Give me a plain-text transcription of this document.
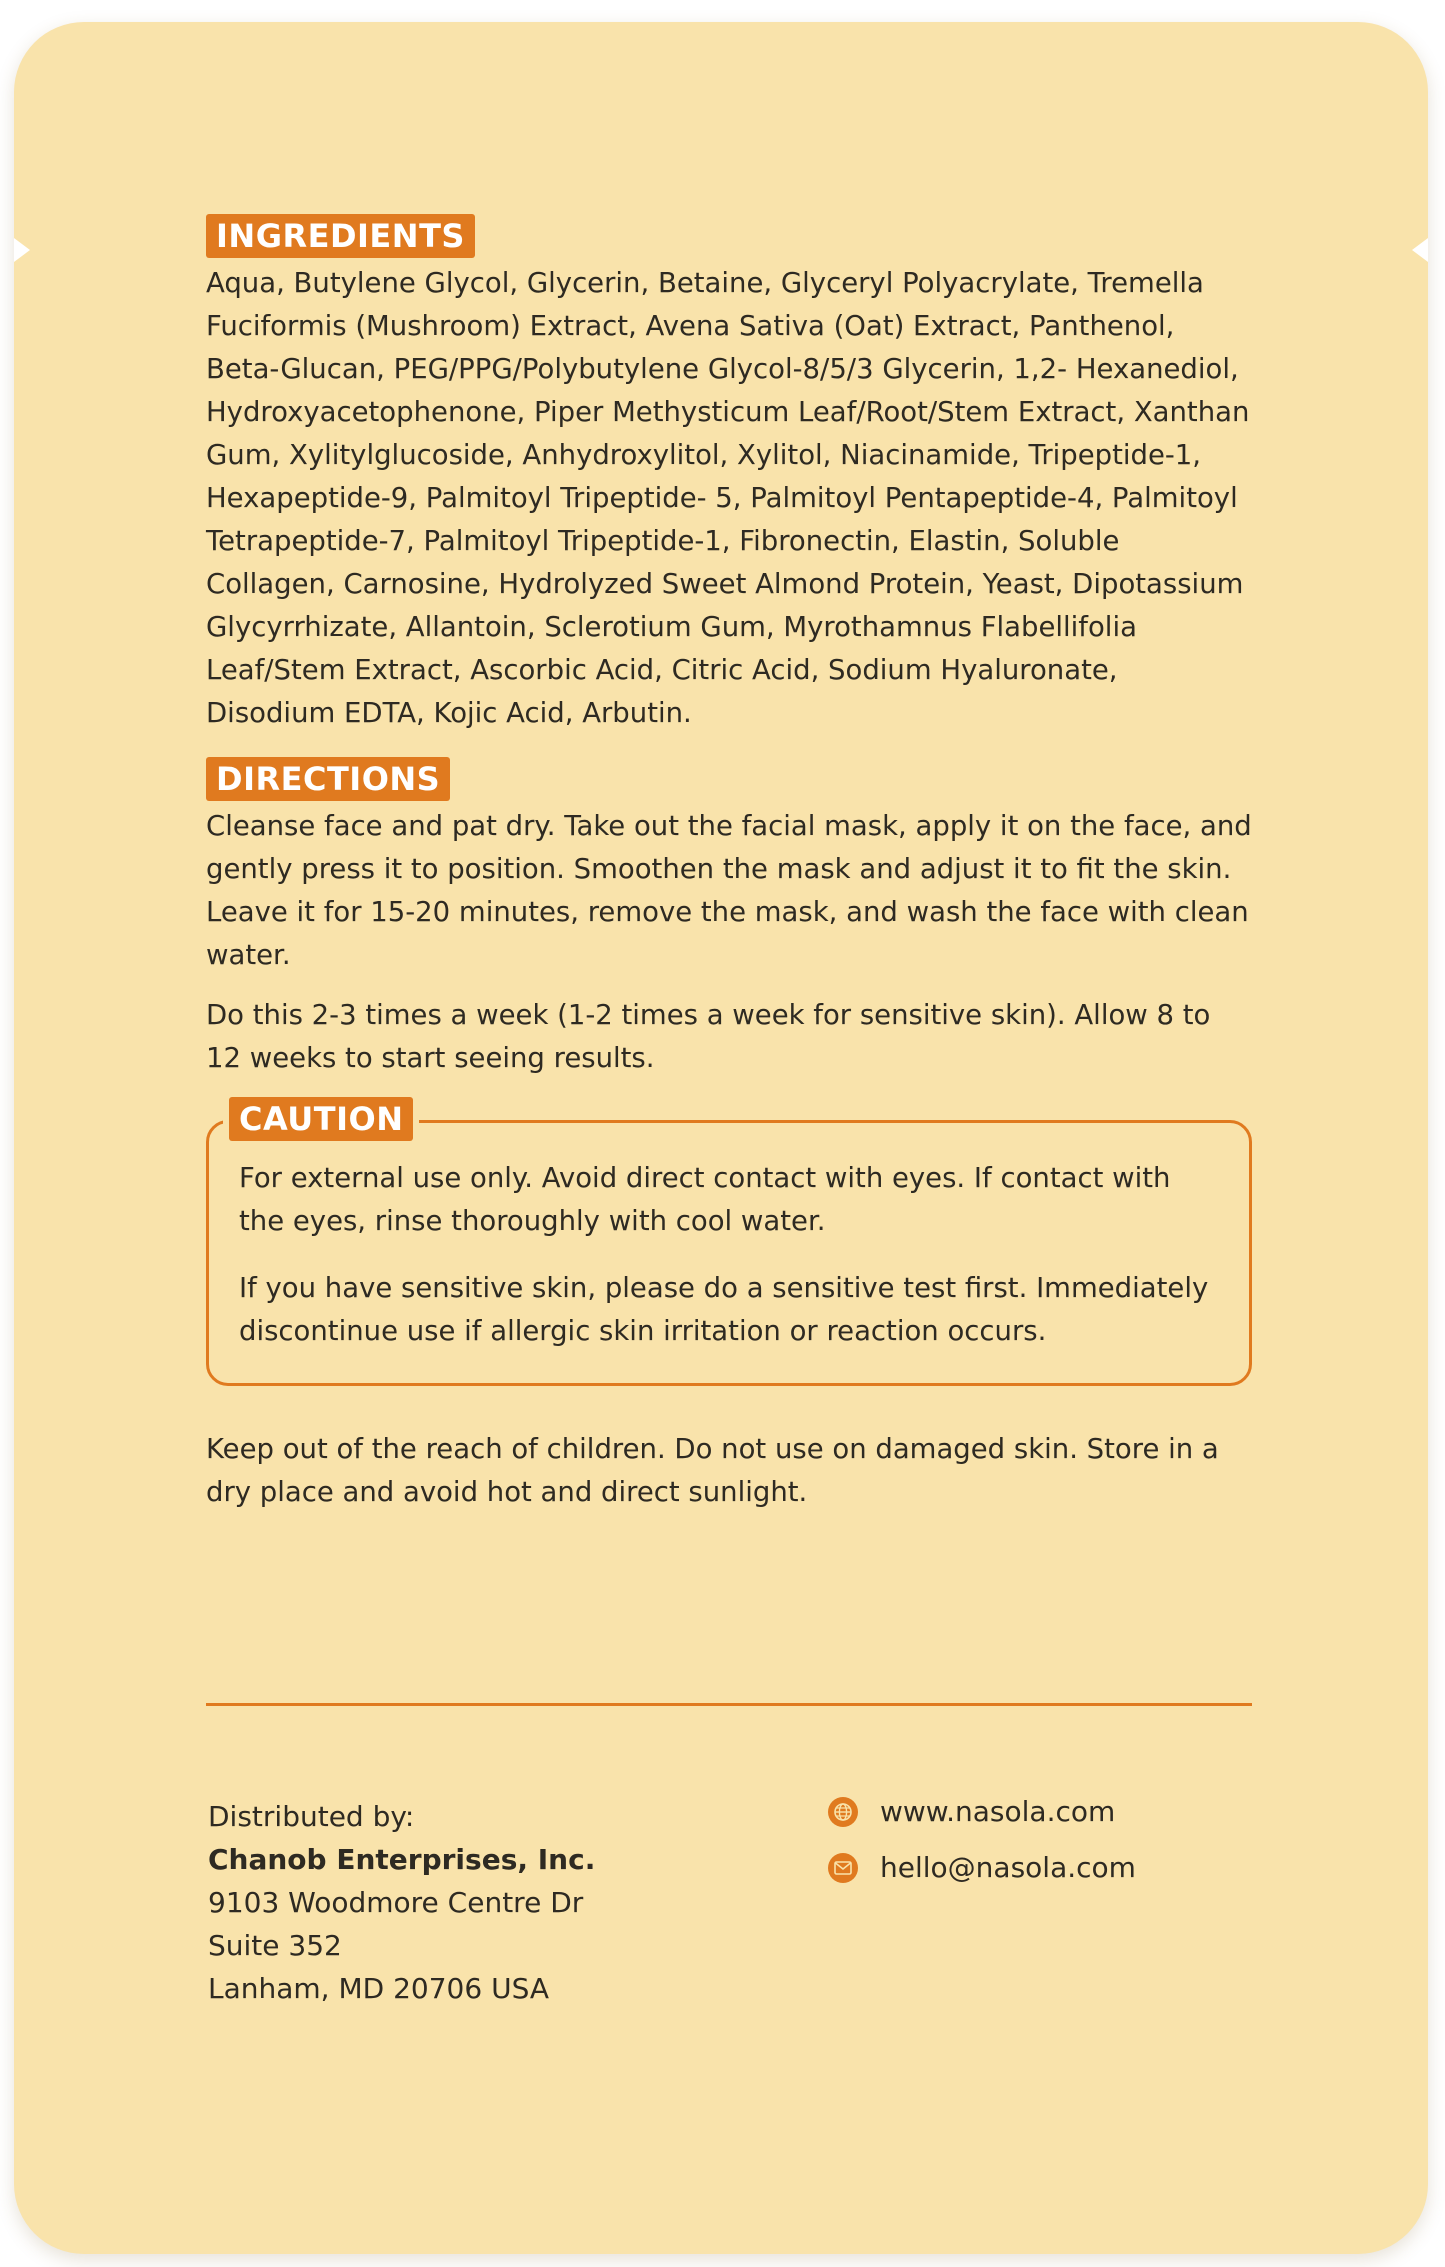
INGREDIENTS

Aqua, Butylene Glycol, Glycerin, Betaine, Glyceryl Polyacrylate, Tremella Fuciformis (Mushroom) Extract, Avena Sativa (Oat) Extract, Panthenol, Beta-Glucan, PEG/PPG/Polybutylene Glycol-8/5/3 Glycerin, 1,2- Hexanediol, Hydroxyacetophenone, Piper Methysticum Leaf/Root/Stem Extract, Xanthan Gum, Xylitylglucoside, Anhydroxylitol, Xylitol, Niacinamide, Tripeptide-1, Hexapeptide-9, Palmitoyl Tripeptide- 5, Palmitoyl Pentapeptide-4, Palmitoyl Tetrapeptide-7, Palmitoyl Tripeptide-1, Fibronectin, Elastin, Soluble Collagen, Carnosine, Hydrolyzed Sweet Almond Protein, Yeast, Dipotassium Glycyrrhizate, Allantoin, Sclerotium Gum, Myrothamnus Flabellifolia Leaf/Stem Extract, Ascorbic Acid, Citric Acid, Sodium Hyaluronate, Disodium EDTA, Kojic Acid, Arbutin.

DIRECTIONS

Cleanse face and pat dry. Take out the facial mask, apply it on the face, and gently press it to position. Smoothen the mask and adjust it to fit the skin. Leave it for 15-20 minutes, remove the mask, and wash the face with clean water.

Do this 2-3 times a week (1-2 times a week for sensitive skin). Allow 8 to 12 weeks to start seeing results.

CAUTION

For external use only. Avoid direct contact with eyes. If contact with the eyes, rinse thoroughly with cool water.

If you have sensitive skin, please do a sensitive test first. Immediately discontinue use if allergic skin irritation or reaction occurs.

Keep out of the reach of children. Do not use on damaged skin. Store in a dry place and avoid hot and direct sunlight.

Distributed by:
Chanob Enterprises, Inc.
9103 Woodmore Centre Dr
Suite 352
Lanham, MD 20706 USA
www.nasola.com
hello@nasola.com
